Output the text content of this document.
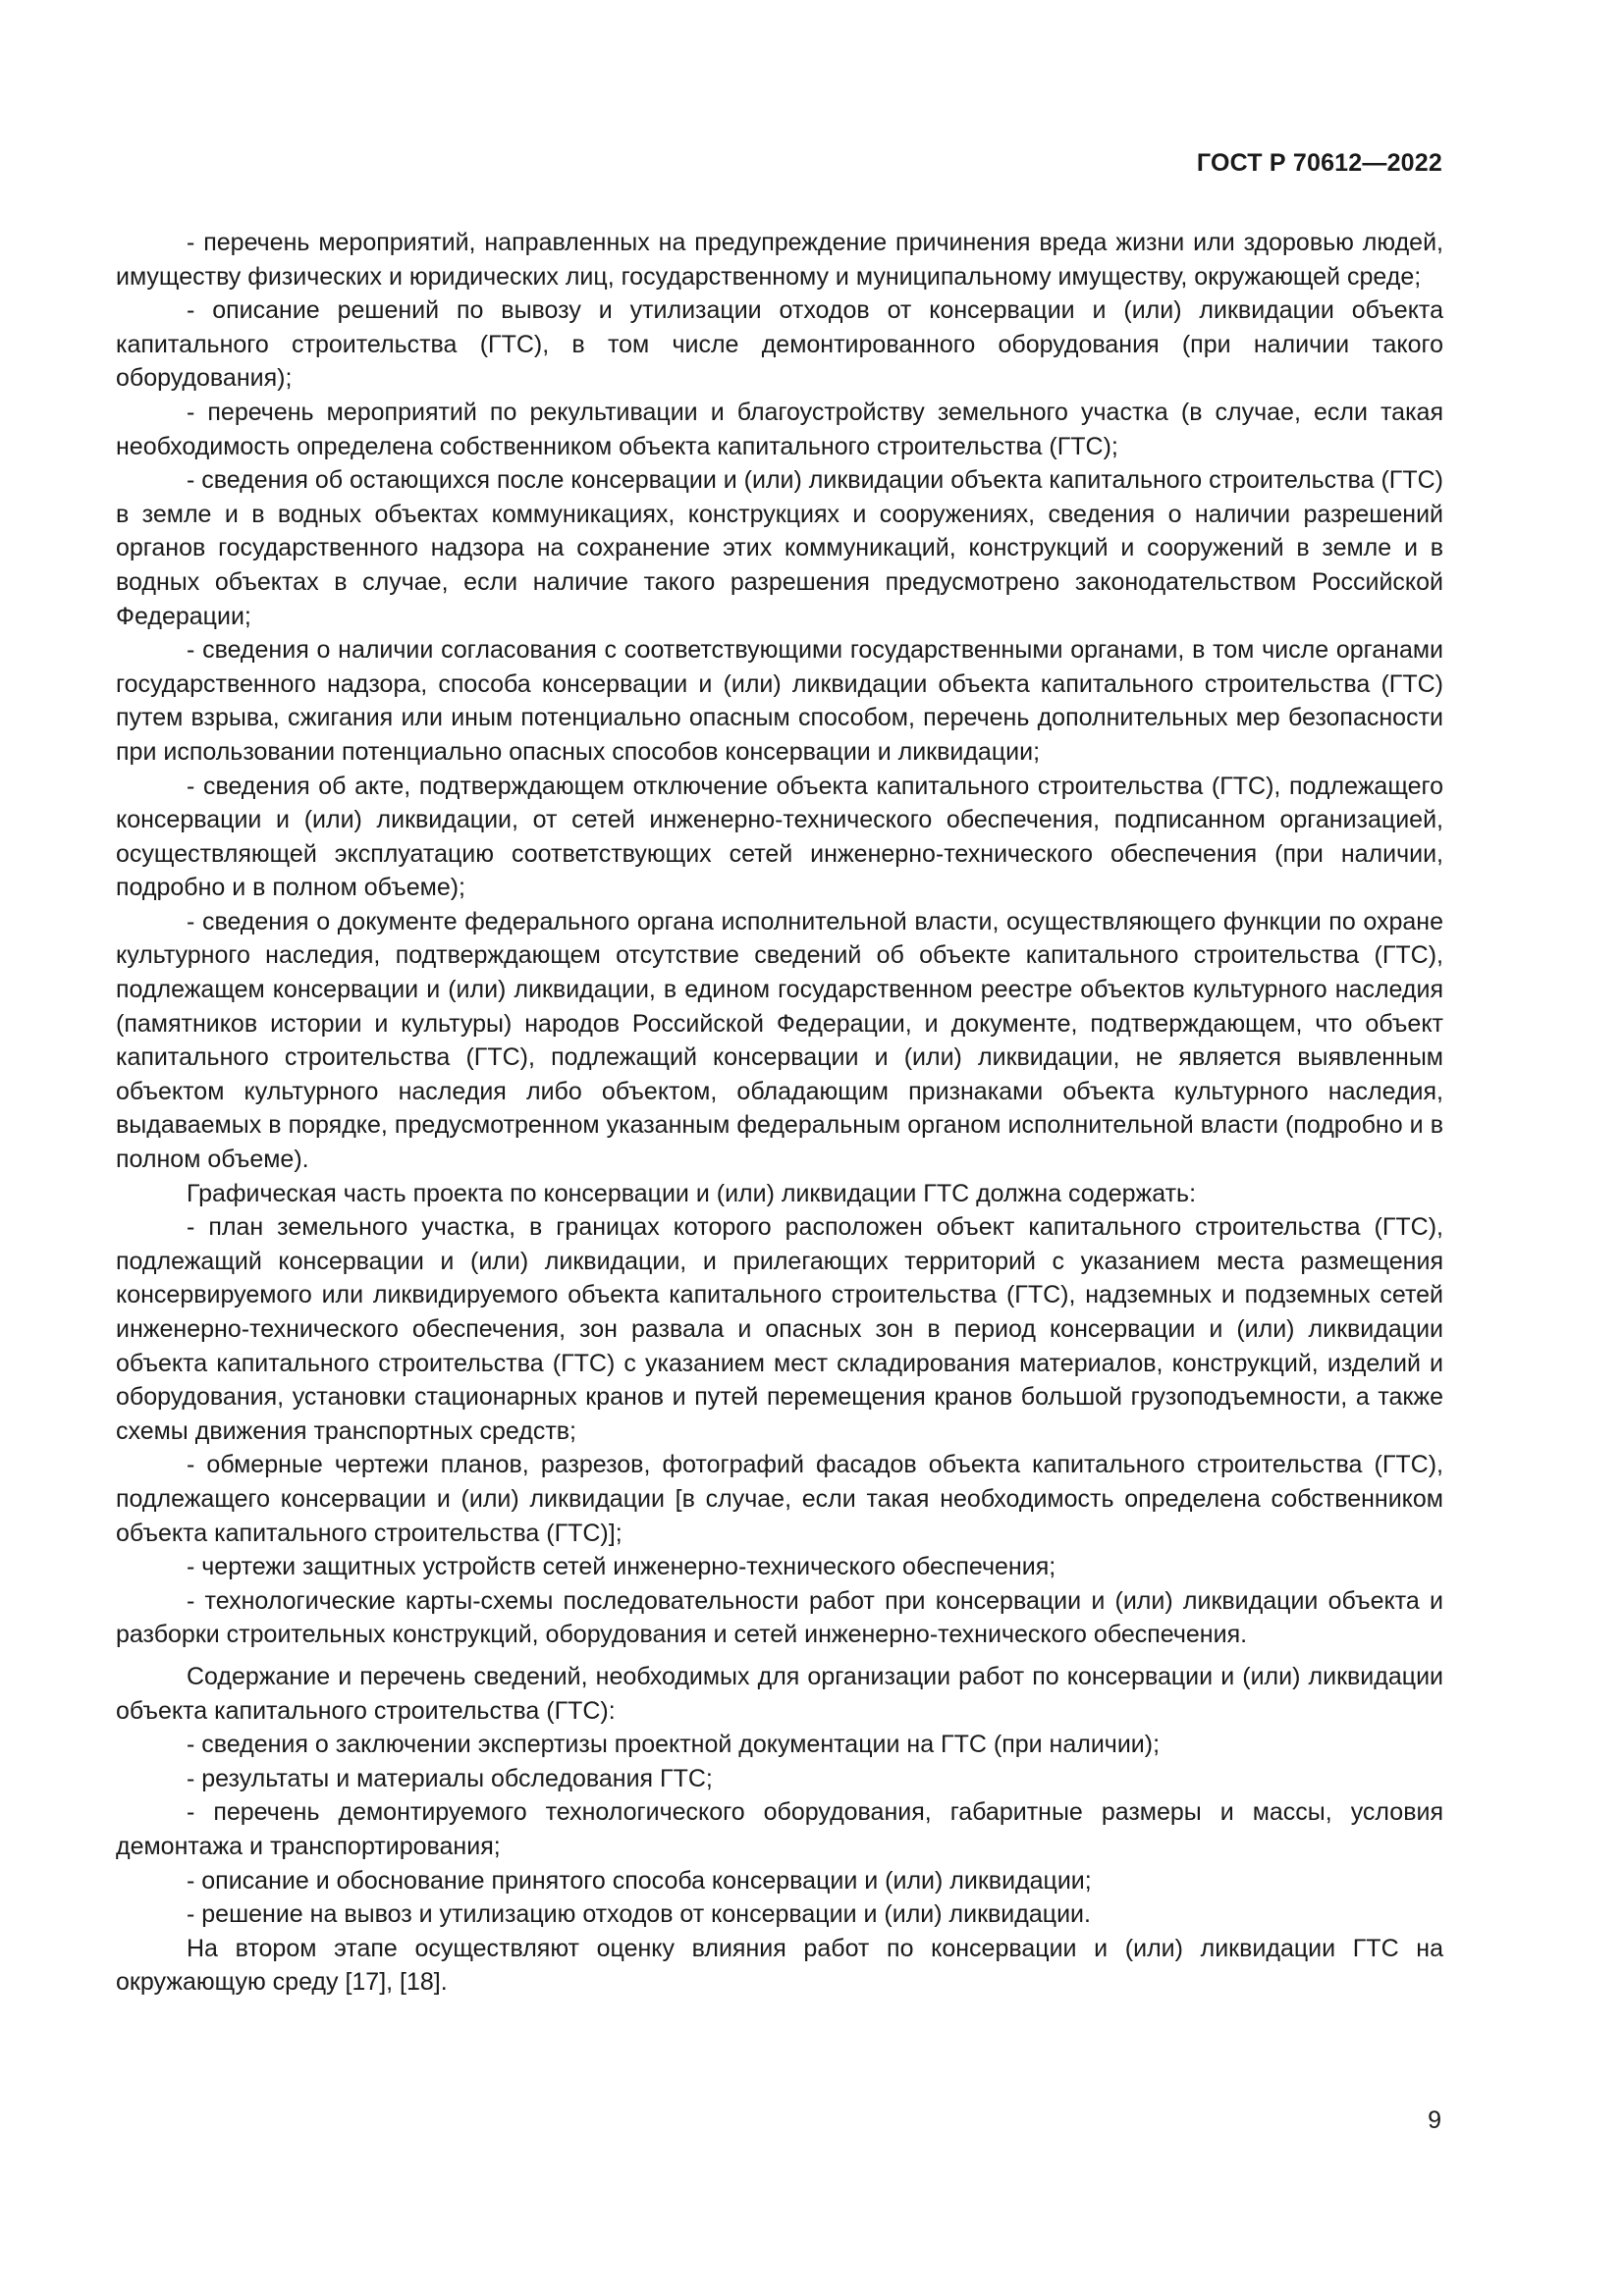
ГОСТ Р 70612—2022

- перечень мероприятий, направленных на предупреждение причинения вреда жизни или здоровью людей, имуществу физических и юридических лиц, государственному и муниципальному имуществу, окружающей среде;

- описание решений по вывозу и утилизации отходов от консервации и (или) ликвидации объекта капитального строительства (ГТС), в том числе демонтированного оборудования (при наличии такого оборудования);

- перечень мероприятий по рекультивации и благоустройству земельного участка (в случае, если такая необходимость определена собственником объекта капитального строительства (ГТС);

- сведения об остающихся после консервации и (или) ликвидации объекта капитального строительства (ГТС) в земле и в водных объектах коммуникациях, конструкциях и сооружениях, сведения о наличии разрешений органов государственного надзора на сохранение этих коммуникаций, конструкций и сооружений в земле и в водных объектах в случае, если наличие такого разрешения предусмотрено законодательством Российской Федерации;

- сведения о наличии согласования с соответствующими государственными органами, в том числе органами государственного надзора, способа консервации и (или) ликвидации объекта капитального строительства (ГТС) путем взрыва, сжигания или иным потенциально опасным способом, перечень дополнительных мер безопасности при использовании потенциально опасных способов консервации и ликвидации;

- сведения об акте, подтверждающем отключение объекта капитального строительства (ГТС), подлежащего консервации и (или) ликвидации, от сетей инженерно-технического обеспечения, подписанном организацией, осуществляющей эксплуатацию соответствующих сетей инженерно-технического обеспечения (при наличии, подробно и в полном объеме);

- сведения о документе федерального органа исполнительной власти, осуществляющего функции по охране культурного наследия, подтверждающем отсутствие сведений об объекте капитального строительства (ГТС), подлежащем консервации и (или) ликвидации, в едином государственном реестре объектов культурного наследия (памятников истории и культуры) народов Российской Федерации, и документе, подтверждающем, что объект капитального строительства (ГТС), подлежащий консервации и (или) ликвидации, не является выявленным объектом культурного наследия либо объектом, обладающим признаками объекта культурного наследия, выдаваемых в порядке, предусмотренном указанным федеральным органом исполнительной власти (подробно и в полном объеме).

Графическая часть проекта по консервации и (или) ликвидации ГТС должна содержать:

- план земельного участка, в границах которого расположен объект капитального строительства (ГТС), подлежащий консервации и (или) ликвидации, и прилегающих территорий с указанием места размещения консервируемого или ликвидируемого объекта капитального строительства (ГТС), надземных и подземных сетей инженерно-технического обеспечения, зон развала и опасных зон в период консервации и (или) ликвидации объекта капитального строительства (ГТС) с указанием мест складирования материалов, конструкций, изделий и оборудования, установки стационарных кранов и путей перемещения кранов большой грузоподъемности, а также схемы движения транспортных средств;

- обмерные чертежи планов, разрезов, фотографий фасадов объекта капитального строительства (ГТС), подлежащего консервации и (или) ликвидации [в случае, если такая необходимость определена собственником объекта капитального строительства (ГТС)];

- чертежи защитных устройств сетей инженерно-технического обеспечения;

- технологические карты-схемы последовательности работ при консервации и (или) ликвидации объекта и разборки строительных конструкций, оборудования и сетей инженерно-технического обеспечения.

Содержание и перечень сведений, необходимых для организации работ по консервации и (или) ликвидации объекта капитального строительства (ГТС):

- сведения о заключении экспертизы проектной документации на ГТС (при наличии);

- результаты и материалы обследования ГТС;

- перечень демонтируемого технологического оборудования, габаритные размеры и массы, условия демонтажа и транспортирования;

- описание и обоснование принятого способа консервации и (или) ликвидации;

- решение на вывоз и утилизацию отходов от консервации и (или) ликвидации.

На втором этапе осуществляют оценку влияния работ по консервации и (или) ликвидации ГТС на окружающую среду [17], [18].

9
